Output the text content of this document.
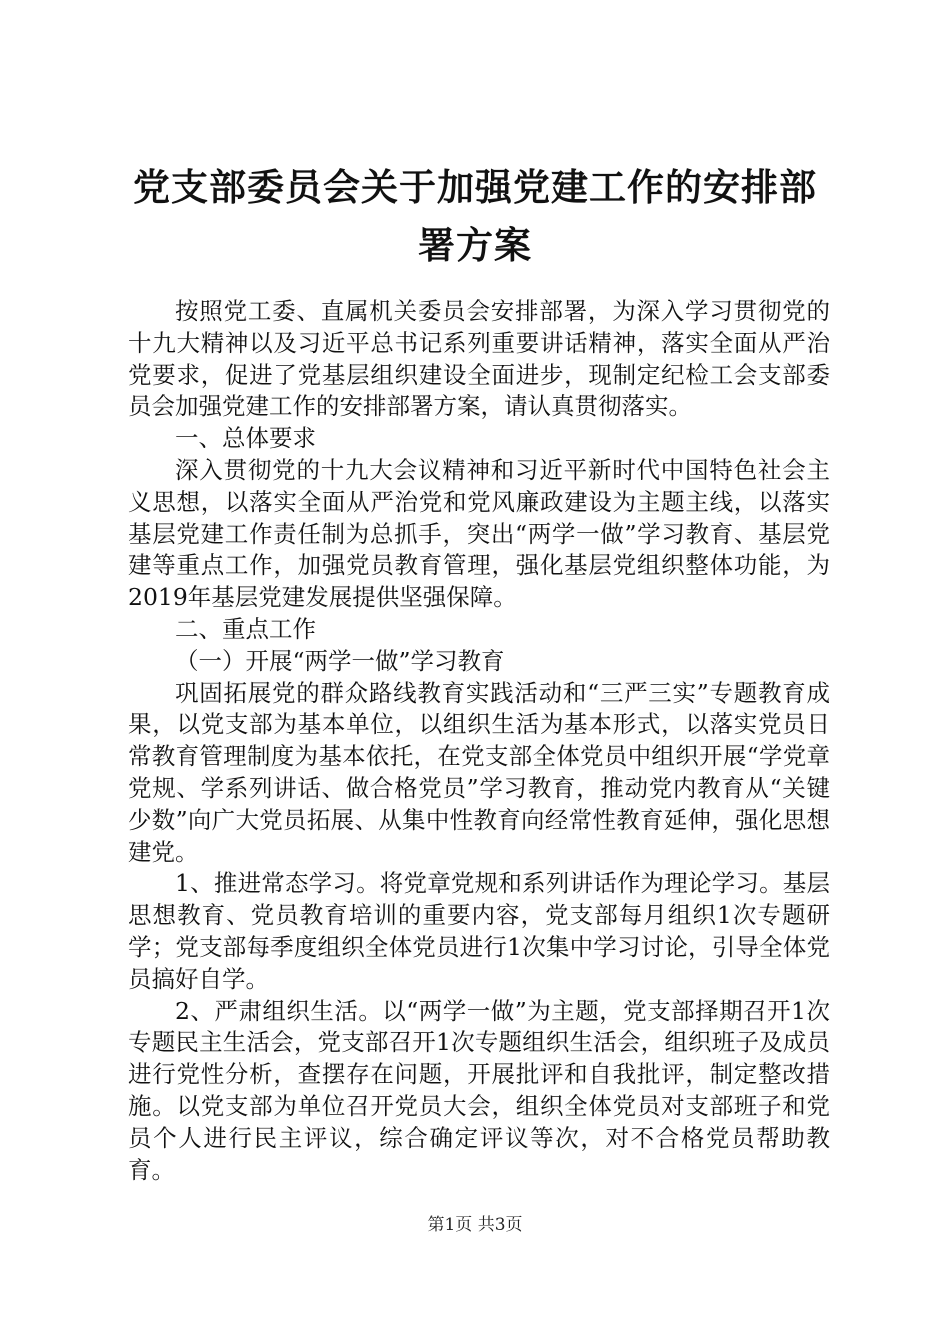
党支部委员会关于加强党建工作的安排部署方案

按照党工委、直属机关委员会安排部署，为深入学习贯彻党的十九大精神以及习近平总书记系列重要讲话精神，落实全面从严治党要求，促进了党基层组织建设全面进步，现制定纪检工会支部委员会加强党建工作的安排部署方案，请认真贯彻落实。

一、总体要求

深入贯彻党的十九大会议精神和习近平新时代中国特色社会主义思想，以落实全面从严治党和党风廉政建设为主题主线，以落实基层党建工作责任制为总抓手，突出“两学一做”学习教育、基层党建等重点工作，加强党员教育管理，强化基层党组织整体功能，为2019年基层党建发展提供坚强保障。

二、重点工作

（一）开展“两学一做”学习教育

巩固拓展党的群众路线教育实践活动和“三严三实”专题教育成果，以党支部为基本单位，以组织生活为基本形式，以落实党员日常教育管理制度为基本依托，在党支部全体党员中组织开展“学党章党规、学系列讲话、做合格党员”学习教育，推动党内教育从“关键少数”向广大党员拓展、从集中性教育向经常性教育延伸，强化思想建党。

1、推进常态学习。将党章党规和系列讲话作为理论学习。基层思想教育、党员教育培训的重要内容，党支部每月组织1次专题研学；党支部每季度组织全体党员进行1次集中学习讨论，引导全体党员搞好自学。

2、严肃组织生活。以“两学一做”为主题，党支部择期召开1次专题民主生活会，党支部召开1次专题组织生活会，组织班子及成员进行党性分析，查摆存在问题，开展批评和自我批评，制定整改措施。以党支部为单位召开党员大会，组织全体党员对支部班子和党员个人进行民主评议，综合确定评议等次，对不合格党员帮助教育。

第1页 共3页
